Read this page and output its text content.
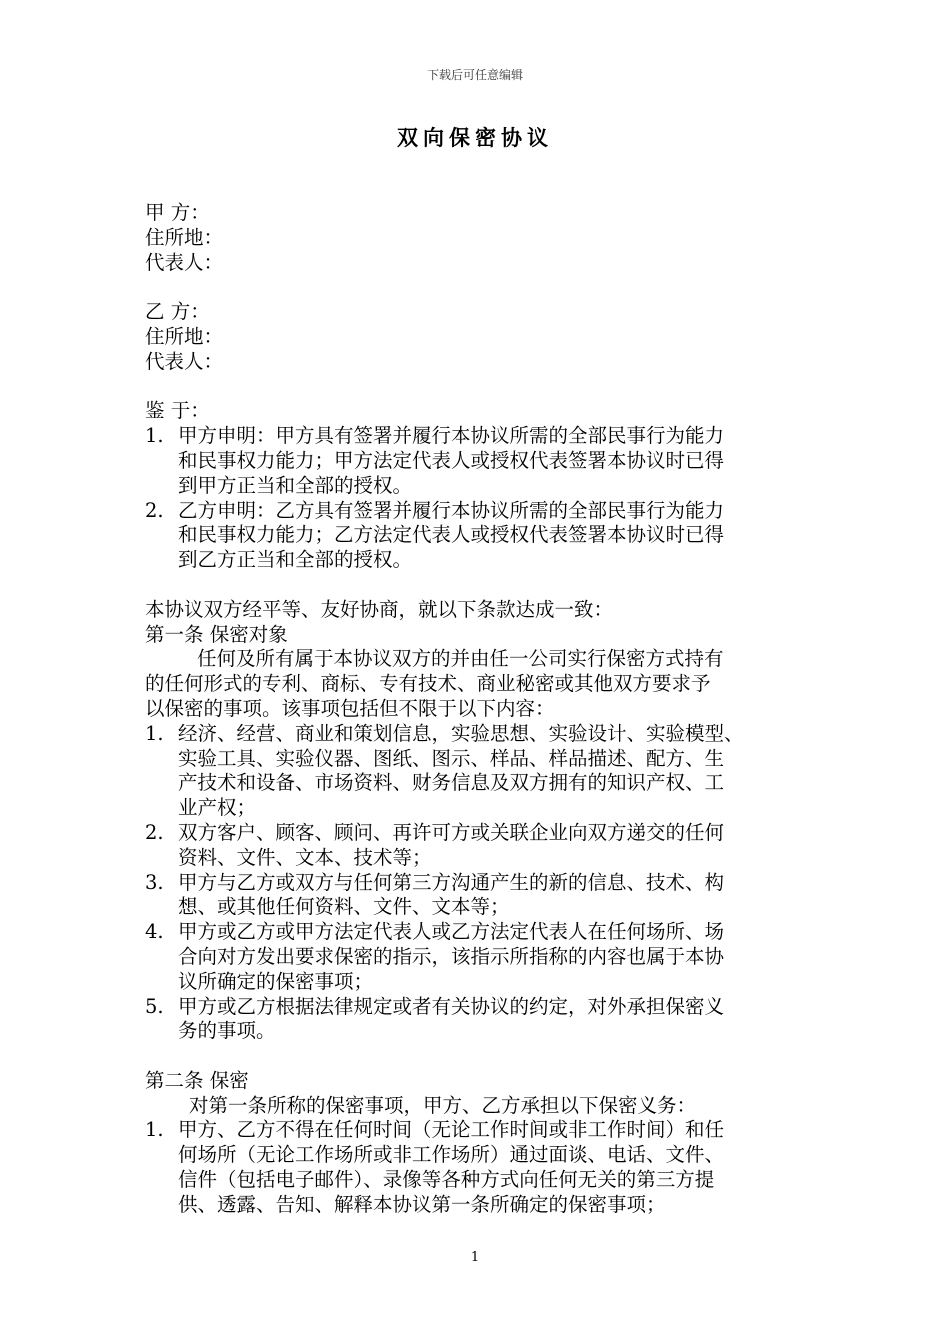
下载后可任意编辑
双向保密协议
甲 方：
住所地：
代表人：
乙 方：
住所地：
代表人：
鉴 于：
1. 甲方申明：甲方具有签署并履行本协议所需的全部民事行为能力
和民事权力能力；甲方法定代表人或授权代表签署本协议时已得
到甲方正当和全部的授权。
2. 乙方申明：乙方具有签署并履行本协议所需的全部民事行为能力
和民事权力能力；乙方法定代表人或授权代表签署本协议时已得
到乙方正当和全部的授权。
本协议双方经平等、友好协商，就以下条款达成一致：
第一条 保密对象
任何及所有属于本协议双方的并由任一公司实行保密方式持有
的任何形式的专利、商标、专有技术、商业秘密或其他双方要求予
以保密的事项。该事项包括但不限于以下内容：
1. 经济、经营、商业和策划信息，实验思想、实验设计、实验模型、
实验工具、实验仪器、图纸、图示、样品、样品描述、配方、生
产技术和设备、市场资料、财务信息及双方拥有的知识产权、工
业产权；
2. 双方客户、顾客、顾问、再许可方或关联企业向双方递交的任何
资料、文件、文本、技术等；
3. 甲方与乙方或双方与任何第三方沟通产生的新的信息、技术、构
想、或其他任何资料、文件、文本等；
4. 甲方或乙方或甲方法定代表人或乙方法定代表人在任何场所、场
合向对方发出要求保密的指示，该指示所指称的内容也属于本协
议所确定的保密事项；
5. 甲方或乙方根据法律规定或者有关协议的约定，对外承担保密义
务的事项。
第二条 保密
对第一条所称的保密事项，甲方、乙方承担以下保密义务：
1. 甲方、乙方不得在任何时间（无论工作时间或非工作时间）和任
何场所（无论工作场所或非工作场所）通过面谈、电话、文件、
信件（包括电子邮件）、录像等各种方式向任何无关的第三方提
供、透露、告知、解释本协议第一条所确定的保密事项；
1
